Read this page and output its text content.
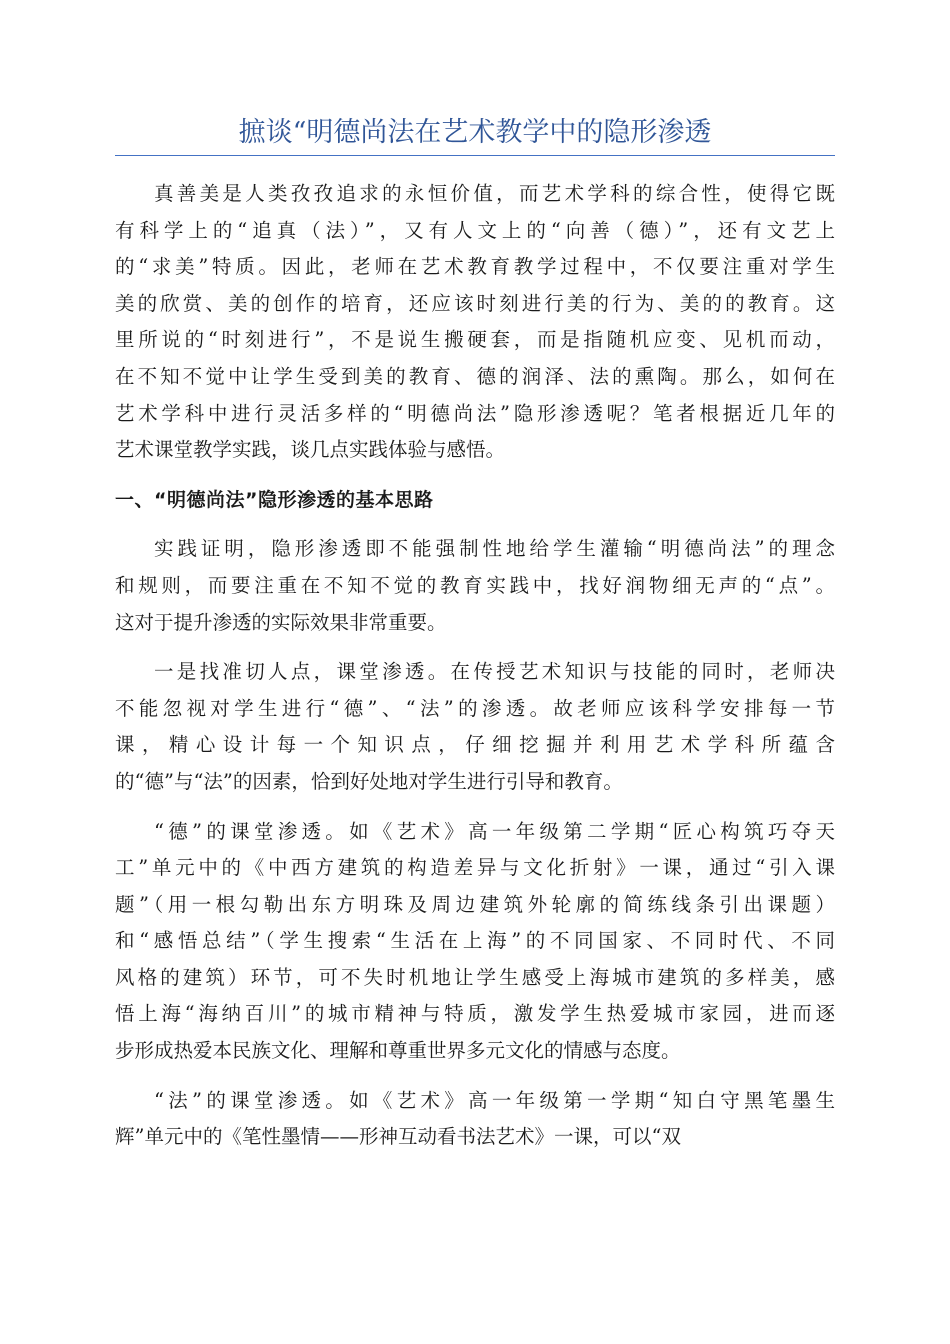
摭谈“明德尚法在艺术教学中的隐形渗透
真善美是人类孜孜追求的永恒价值，而艺术学科的综合性，使得它既
有科学上的“追真（法）”，又有人文上的“向善（德）”，还有文艺上
的“求美”特质。因此，老师在艺术教育教学过程中，不仅要注重对学生
美的欣赏、美的创作的培育，还应该时刻进行美的行为、美的的教育。这
里所说的“时刻进行”，不是说生搬硬套，而是指随机应变、见机而动，
在不知不觉中让学生受到美的教育、德的润泽、法的熏陶。那么，如何在
艺术学科中进行灵活多样的“明德尚法”隐形渗透呢？笔者根据近几年的
艺术课堂教学实践，谈几点实践体验与感悟。
一、“明德尚法”隐形渗透的基本思路
实践证明，隐形渗透即不能强制性地给学生灌输“明德尚法”的理念
和规则，而要注重在不知不觉的教育实践中，找好润物细无声的“点”。
这对于提升渗透的实际效果非常重要。
一是找准切人点，课堂渗透。在传授艺术知识与技能的同时，老师决
不能忽视对学生进行“德”、“法”的渗透。故老师应该科学安排每一节
课，精心设计每一个知识点，仔细挖掘并利用艺术学科所蕴含
的“德”与“法”的因素，恰到好处地对学生进行引导和教育。
“德”的课堂渗透。如《艺术》高一年级第二学期“匠心构筑巧夺天
工”单元中的《中西方建筑的构造差异与文化折射》一课，通过“引入课
题”（用一根勾勒出东方明珠及周边建筑外轮廓的简练线条引出课题）
和“感悟总结”（学生搜索“生活在上海”的不同国家、不同时代、不同
风格的建筑）环节，可不失时机地让学生感受上海城市建筑的多样美，感
悟上海“海纳百川”的城市精神与特质，激发学生热爱城市家园，进而逐
步形成热爱本民族文化、理解和尊重世界多元文化的情感与态度。
“法”的课堂渗透。如《艺术》高一年级第一学期“知白守黑笔墨生
辉”单元中的《笔性墨情——形神互动看书法艺术》一课，可以“双
